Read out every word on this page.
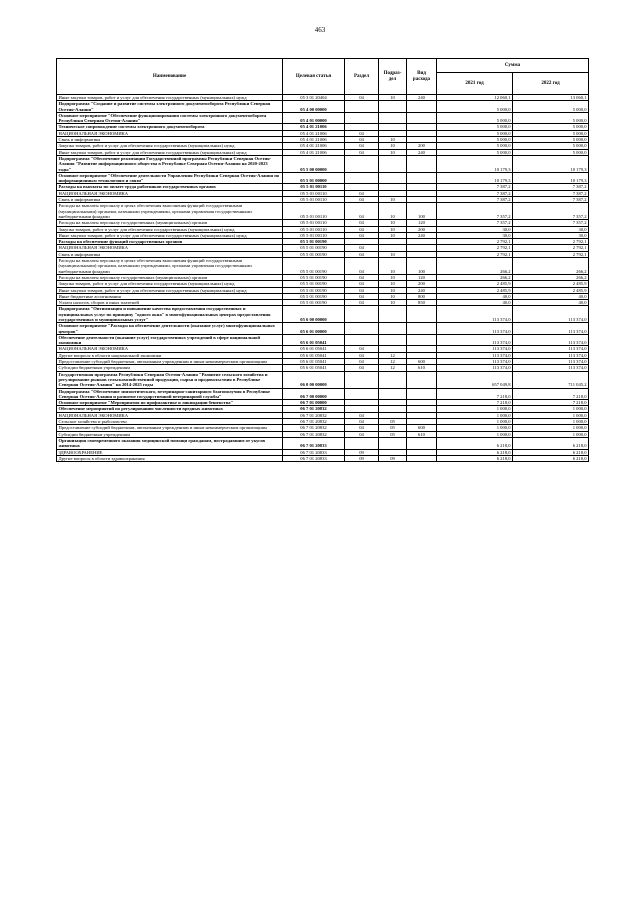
463
Наименование	Целевая статья	Раздел	Подраз-дел	Вид расхода	Сумма	
					2021 год	2022 год
Иные закупки товаров, работ и услуг для обеспечения государственных (муниципальных) нужд	05 3 01 20404	04	10	240	12 060,1	13 060,1
Подпрограмма "Создание и развитие системы электронного документооборота Республики Северная Осетия-Алания"	05 4 00 00000				5 000,0	5 000,0
Основное мероприятие "Обеспечение функционирования системы электронного документооборота Республики Северная Осетия-Алания"	05 4 01 00000				5 000,0	5 000,0
Техническое сопровождение системы электронного документооборота	05 4 01 21006				5 000,0	5 000,0
НАЦИОНАЛЬНАЯ ЭКОНОМИКА	05 4 01 21006	04			5 000,0	5 000,0
Связь и информатика	05 4 01 21006	04	10		5 000,0	5 000,0
Закупка товаров, работ и услуг для обеспечения государственных (муниципальных) нужд	05 4 01 21006	04	10	200	5 000,0	5 000,0
Иные закупки товаров, работ и услуг для обеспечения государственных (муниципальных) нужд	05 4 01 21006	04	10	240	5 000,0	5 000,0
Подпрограмма "Обеспечение реализации Государственной программы Республики Северная Осетия-Алания "Развитие информационного общества в Республике Северная Осетия-Алания на 2020-2023 годы"	05 5 00 00000				10 179,3	10 179,3
Основное мероприятие "Обеспечение деятельности Управления Республики Северная Осетия-Алания по информационным технологиям и связи"	05 5 01 00000				10 179,3	10 179,3
Расходы на выплаты по оплате труда работников государственных органов	05 5 01 00110				7 387,2	7 387,2
НАЦИОНАЛЬНАЯ ЭКОНОМИКА	05 5 01 00110	04			7 387,2	7 387,2
Связь и информатика	05 5 01 00110	04	10		7 387,2	7 387,2
Расходы на выплаты персоналу в целях обеспечения выполнения функций государственными (муниципальными) органами, казенными учреждениями, органами управления государственными внебюджетными фондами	05 5 01 00110	04	10	100	7 357,2	7 357,2
Расходы на выплаты персоналу государственных (муниципальных) органов	05 5 01 00110	04	10	120	7 357,2	7 357,2
Закупка товаров, работ и услуг для обеспечения государственных (муниципальных) нужд	05 5 01 00110	04	10	200	30,0	30,0
Иные закупки товаров, работ и услуг для обеспечения государственных (муниципальных) нужд	05 5 01 00110	04	10	240	30,0	30,0
Расходы на обеспечение функций государственных органов	05 5 01 00190				2 792,1	2 792,1
НАЦИОНАЛЬНАЯ ЭКОНОМИКА	05 5 01 00190	04			2 792,1	2 792,1
Связь и информатика	05 5 01 00190	04	10		2 792,1	2 792,1
Расходы на выплаты персоналу в целях обеспечения выполнения функций государственными (муниципальными) органами, казенными учреждениями, органами управления государственными внебюджетными фондами	05 5 01 00190	04	10	100	266,2	266,2
Расходы на выплаты персоналу государственных (муниципальных) органов	05 5 01 00190	04	10	120	266,2	266,2
Закупка товаров, работ и услуг для обеспечения государственных (муниципальных) нужд	05 5 01 00190	04	10	200	2 485,9	2 485,9
Иные закупки товаров, работ и услуг для обеспечения государственных (муниципальных) нужд	05 5 01 00190	04	10	240	2 485,9	2 485,9
Иные бюджетные ассигнования	05 5 01 00190	04	10	800	40,0	40,0
Уплата налогов, сборов и иных платежей	05 5 01 00190	04	10	850	40,0	40,0
Подпрограмма "Оптимизация и повышение качества предоставления государственных и муниципальных услуг по принципу "одного окна" в многофункциональных центрах предоставления государственных и муниципальных услуг"	05 6 00 00000				113 374,0	113 374,0
Основное мероприятие "Расходы на обеспечение деятельности (оказание услуг) многофункциональных центров"	05 6 01 00000				113 374,0	113 374,0
Обеспечение деятельности (оказание услуг) государственных учреждений в сфере национальной экономики	05 6 01 05041				113 374,0	113 374,0
НАЦИОНАЛЬНАЯ ЭКОНОМИКА	05 6 01 05041	04			113 374,0	113 374,0
Другие вопросы в области национальной экономики	05 6 01 05041	04	12		113 374,0	113 374,0
Предоставление субсидий бюджетным, автономным учреждениям и иным некоммерческим организациям	05 6 01 05041	04	12	600	113 374,0	113 374,0
Субсидии бюджетным учреждениям	05 6 01 05041	04	12	610	113 374,0	113 374,0
Государственная программа Республики Северная Осетия-Алания "Развитие сельского хозяйства и регулирование рынков сельскохозяйственной продукции, сырья и продовольствия в Республике Северная Осетия-Алания" на 2014-2025 годы	06 0 00 00000				657 049,8	711 045,2
Подпрограмма "Обеспечение эпизоотического, ветеринарно-санитарного благополучия в Республике Северная Осетия-Алания и развитие государственной ветеринарной службы"	06 7 00 00000				7 218,0	7 218,0
Основное мероприятие "Мероприятия по профилактике и ликвидации бешенства"	06 7 01 00000				7 218,0	7 218,0
Обеспечение мероприятий по регулированию численности вредных животных	06 7 01 20832				1 000,0	1 000,0
НАЦИОНАЛЬНАЯ ЭКОНОМИКА	06 7 01 20832	04			1 000,0	1 000,0
Сельское хозяйство и рыболовство	06 7 01 20832	04	05		1 000,0	1 000,0
Предоставление субсидий бюджетным, автономным учреждениям и иным некоммерческим организациям	06 7 01 20832	04	05	600	1 000,0	1 000,0
Субсидии бюджетным учреждениям	06 7 01 20832	04	05	610	1 000,0	1 000,0
Организация своевременного оказания медицинской помощи гражданам, пострадавшим от укусов животных	06 7 01 20833				6 218,0	6 218,0
ЗДРАВООХРАНЕНИЕ	06 7 01 20833	09			6 218,0	6 218,0
Другие вопросы в области здравоохранения	06 7 01 20833	09	09		6 218,0	6 218,0
